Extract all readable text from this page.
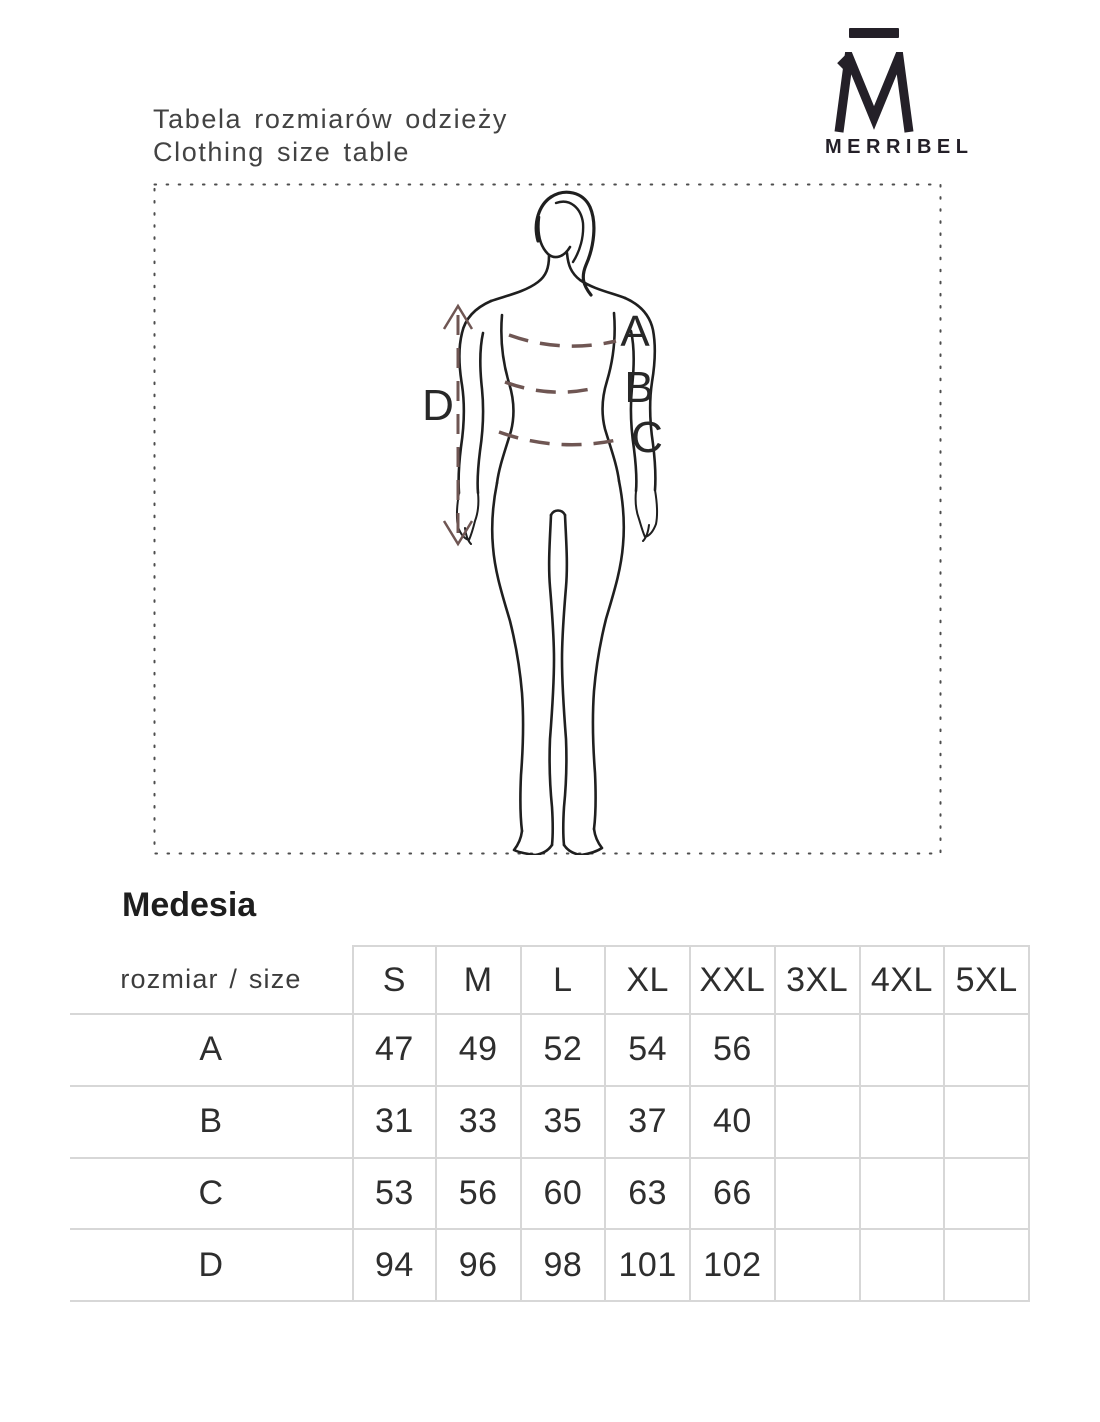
Tabela rozmiarów odzieży
Clothing size table	MERRIBEL
A
B
C
D
Medesia
rozmiar / size	S	M	L	XL XXL 3XL 4XL 5XL
A	47	49	52	54	56
B	31	33	35	37	40
C	53	56	60	63	66
D	94	96	98	101 102
